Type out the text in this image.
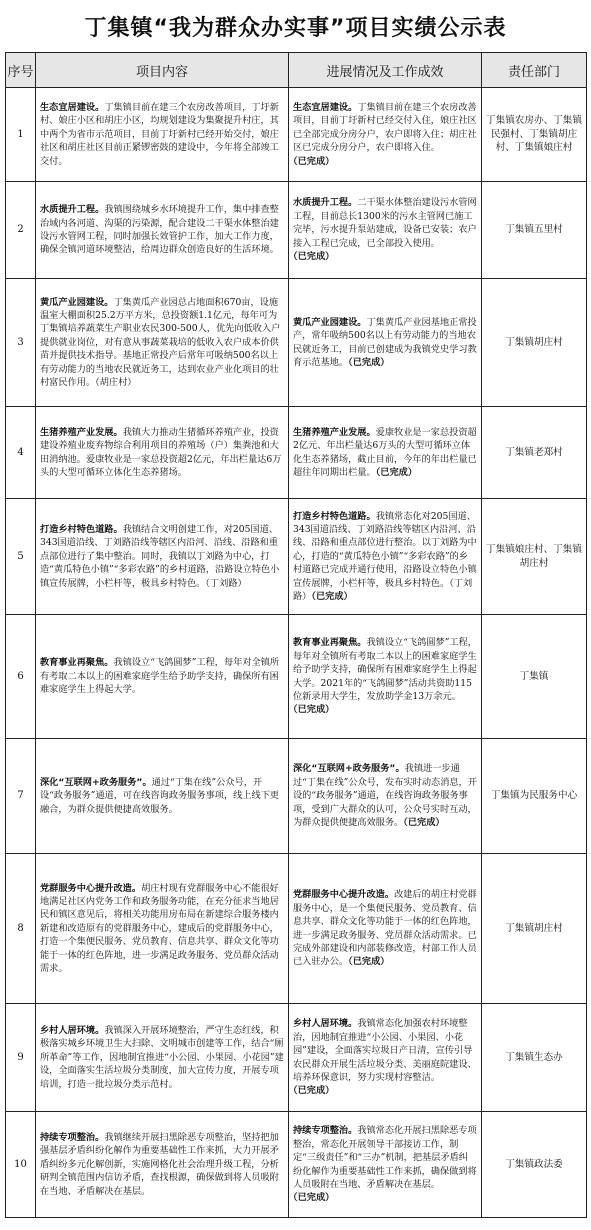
丁集镇“我为群众办实事”项目实绩公示表
序号	项目内容	进展情况及工作成效	责任部门
1	生态宜居建设。丁集镇目前在建三个农房改善项目，丁圩新村、娘庄小区和胡庄小区，均规划建设为集聚提升村庄，其中两个为省市示范项目，目前丁圩新村已经开始交付，娘庄社区和胡庄社区目前正紧锣密鼓的建设中，今年将全部竣工交付。	生态宜居建设。丁集镇目前在建三个农房改善项目，目前丁圩新村已经交付入住，娘庄社区已全部完成分房分户，农户即将入住；胡庄社区已完成分房分户，农户即将入住。（已完成）	丁集镇农房办、丁集镇民强村、丁集镇胡庄村、丁集镇娘庄村
2	水质提升工程。我镇围绕城乡水环境提升工作，集中排查整治域内各河道、沟渠的污染源，配合建设二干渠水体整治建设污水管网工程，同时加强长效管护工作，加大工作力度，确保全镇河道环境整洁，给周边群众创造良好的生活环境。	水质提升工程。二干渠水体整治建设污水管网工程，目前总长1300米的污水主管网已施工完毕，污水提升泵站建成，设备已安装；农户接入工程已完成，已全部投入使用。（已完成）	丁集镇五里村
3	黄瓜产业园建设。丁集黄瓜产业园总占地面积670亩，设施温室大棚面积25.2万平方米，总投资额1.1亿元，每年可为丁集镇培养蔬菜生产职业农民300-500人，优先向低收入户提供就业岗位，对有意从事蔬菜栽培的低收入农户成本价供苗并提供技术指导。基地正常投产后常年可吸纳500名以上有劳动能力的当地农民就近务工，达到农业产业化项目的壮村富民作用。（胡庄村）	黄瓜产业园建设。丁集黄瓜产业园基地正常投产，常年吸纳500名以上有劳动能力的当地农民就近务工，目前已创建成为我镇党史学习教育示范基地。（已完成）	丁集镇胡庄村
4	生猪养殖产业发展。我镇大力推动生猪循环养殖产业，投资建设养殖业废弃物综合利用项目的养殖场（户）集粪池和大田消纳池。爱康牧业是一家总投资超2亿元，年出栏量达6万头的大型可循环立体化生态养猪场。	生猪养殖产业发展。爱康牧业是一家总投资超2亿元、年出栏量达6万头的大型可循环立体化生态养猪场，截止目前，今年的年出栏量已超往年同期出栏量。（已完成）	丁集镇老郑村
5	打造乡村特色道路。我镇结合文明创建工作，对205国道、343国道沿线、丁刘路沿线等辖区内沿河、沿线、沿路和重点部位进行了集中整治。同时，我镇以丁刘路为中心，打造“黄瓜特色小镇”“多彩农路”的乡村道路，沿路设立特色小镇宣传展牌，小栏杆等，极具乡村特色。（丁刘路）	打造乡村特色道路。我镇常态化对205国道、343国道沿线、丁刘路沿线等辖区内沿河、沿线、沿路和重点部位进行整治。以丁刘路为中心，打造的“黄瓜特色小镇”“多彩农路”的乡村道路已完成并通行使用，沿路设立特色小镇宣传展牌，小栏杆等，极具乡村特色。（丁刘路）（已完成）	丁集镇娘庄村、丁集镇胡庄村
6	教育事业再聚焦。我镇设立“飞鸽圆梦”工程，每年对全镇所有考取二本以上的困难家庭学生给予助学支持，确保所有困难家庭学生上得起大学。	教育事业再聚焦。我镇设立“飞鸽圆梦”工程，每年对全镇所有考取二本以上的困难家庭学生给予助学支持，确保所有困难家庭学生上得起大学。2021年的“飞鸽圆梦”活动共资助115位新录用大学生，发放助学金13万余元。（已完成）	丁集镇
7	深化“互联网+政务服务”。通过“丁集在线”公众号，开设“政务服务”通道，可在线咨询政务服务事项，线上线下更融合，为群众提供便捷高效服务。	深化“互联网+政务服务”。我镇进一步通过“丁集在线”公众号，发布实时动态消息，开设的“政务服务”通道，在线咨询政务服务事项，受到广大群众的认可，公众号实时互动，为群众提供便捷高效服务。（已完成）	丁集镇为民服务中心
8	党群服务中心提升改造。胡庄村现有党群服务中心不能很好地满足社区内党务工作和政务服务功能，在充分征求当地居民和镇区意见后，将相关功能用房布局在新建综合服务楼内新建和改造原有的党群服务中心，建成后的党群服务中心，打造一个集便民服务、党员教育、信息共享、群众文化等功能于一体的红色阵地，进一步满足政务服务、党员群众活动需求。	党群服务中心提升改造。改建后的胡庄村党群服务中心，是一个集便民服务、党员教育、信息共享、群众文化等功能于一体的红色阵地，进一步满足政务服务、党员群众活动需求。已完成外部建设和内部装修改造，村部工作人员已入驻办公。（已完成）	丁集镇胡庄村
9	乡村人居环境。我镇深入开展环境整治，严守生态红线，积极落实城乡环境卫生大扫除、文明城市创建等工作，结合“厕所革命”等工作，因地制宜推进“小公园、小果园、小花园”建设，全面落实生活垃圾分类制度，加大宣传力度，开展专项培训，打造一批垃圾分类示范村。	乡村人居环境。我镇常态化加强农村环境整治，因地制宜推进“小公园、小果园、小花园”建设，全面落实垃圾日产日清，宣传引导农民群众开展生活垃圾分类、美丽庭院建设、培养环保意识，努力实现村容整洁。（已完成）	丁集镇生态办
10	持续专项整治。我镇继续开展扫黑除恶专项整治，坚持把加强基层矛盾纠纷化解作为重要基础性工作来抓，大力开展矛盾纠纷多元化解创新，实施网格化社会治理升级工程，分析研判全镇范围内信访矛盾，查找根源，确保做到将人员吸附在当地、矛盾解决在基层。	持续专项整治。我镇常态化开展扫黑除恶专项整治，常态化开展领导干部接访工作，制定“三级责任”和“三办”机制，把基层矛盾纠纷化解作为重要基础性工作来抓，确保做到将人员吸附在当地、矛盾解决在基层。（已完成）	丁集镇政法委
